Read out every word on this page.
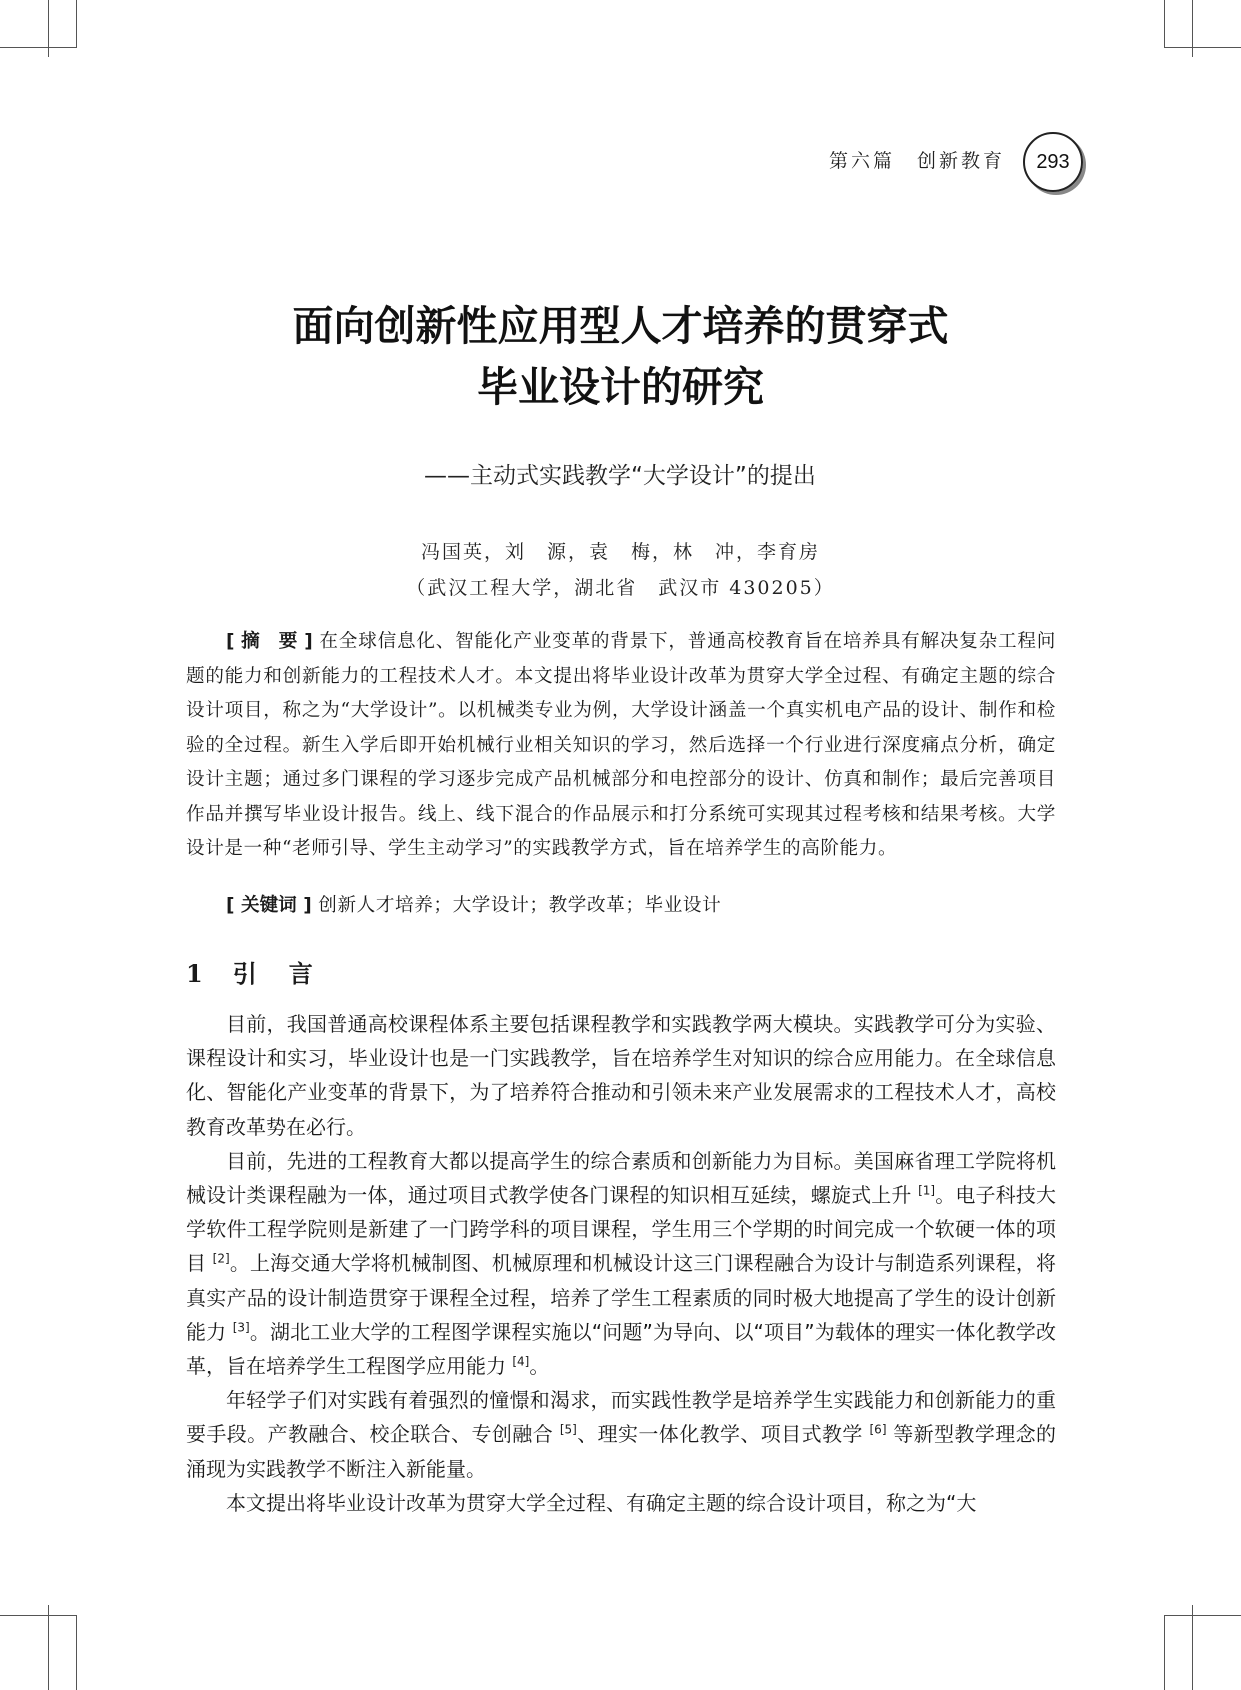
第六篇　创新教育 293
面向创新性应用型人才培养的贯穿式
毕业设计的研究
——主动式实践教学“大学设计”的提出
冯国英，刘　源，袁　梅，林　冲，李育房
（武汉工程大学，湖北省　武汉市 430205）

[ 摘　要 ] 在全球信息化、智能化产业变革的背景下，普通高校教育旨在培养具有解决复杂工程问题的能力和创新能力的工程技术人才。本文提出将毕业设计改革为贯穿大学全过程、有确定主题的综合设计项目，称之为“大学设计”。以机械类专业为例，大学设计涵盖一个真实机电产品的设计、制作和检验的全过程。新生入学后即开始机械行业相关知识的学习，然后选择一个行业进行深度痛点分析，确定设计主题；通过多门课程的学习逐步完成产品机械部分和电控部分的设计、仿真和制作；最后完善项目作品并撰写毕业设计报告。线上、线下混合的作品展示和打分系统可实现其过程考核和结果考核。大学设计是一种“老师引导、学生主动学习”的实践教学方式，旨在培养学生的高阶能力。

[ 关键词 ] 创新人才培养；大学设计；教学改革；毕业设计

1 引　言

目前，我国普通高校课程体系主要包括课程教学和实践教学两大模块。实践教学可分为实验、课程设计和实习，毕业设计也是一门实践教学，旨在培养学生对知识的综合应用能力。在全球信息化、智能化产业变革的背景下，为了培养符合推动和引领未来产业发展需求的工程技术人才，高校教育改革势在必行。

目前，先进的工程教育大都以提高学生的综合素质和创新能力为目标。美国麻省理工学院将机械设计类课程融为一体，通过项目式教学使各门课程的知识相互延续，螺旋式上升 [1]。电子科技大学软件工程学院则是新建了一门跨学科的项目课程，学生用三个学期的时间完成一个软硬一体的项目 [2]。上海交通大学将机械制图、机械原理和机械设计这三门课程融合为设计与制造系列课程，将真实产品的设计制造贯穿于课程全过程，培养了学生工程素质的同时极大地提高了学生的设计创新能力 [3]。湖北工业大学的工程图学课程实施以“问题”为导向、以“项目”为载体的理实一体化教学改革，旨在培养学生工程图学应用能力 [4]。

年轻学子们对实践有着强烈的憧憬和渴求，而实践性教学是培养学生实践能力和创新能力的重要手段。产教融合、校企联合、专创融合 [5]、理实一体化教学、项目式教学 [6] 等新型教学理念的涌现为实践教学不断注入新能量。

本文提出将毕业设计改革为贯穿大学全过程、有确定主题的综合设计项目，称之为“大
